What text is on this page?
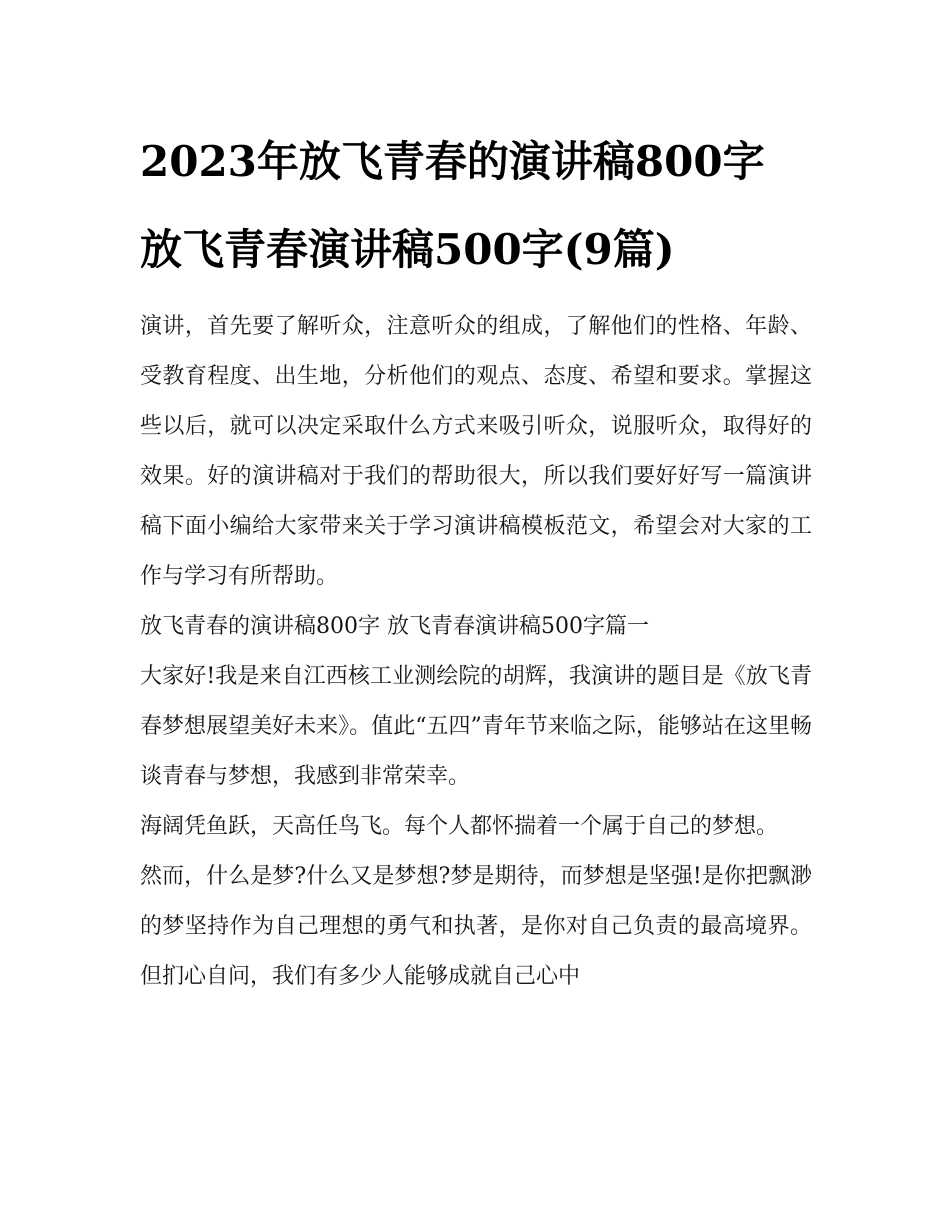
2023年放飞青春的演讲稿800字 放飞青春演讲稿500字(9篇)

演讲，首先要了解听众，注意听众的组成，了解他们的性格、年龄、受教育程度、出生地，分析他们的观点、态度、希望和要求。掌握这些以后，就可以决定采取什么方式来吸引听众，说服听众，取得好的效果。好的演讲稿对于我们的帮助很大，所以我们要好好写一篇演讲稿下面小编给大家带来关于学习演讲稿模板范文，希望会对大家的工作与学习有所帮助。

放飞青春的演讲稿800字 放飞青春演讲稿500字篇一

大家好!我是来自江西核工业测绘院的胡辉，我演讲的题目是《放飞青春梦想展望美好未来》。值此“五四”青年节来临之际，能够站在这里畅谈青春与梦想，我感到非常荣幸。

海阔凭鱼跃，天高任鸟飞。每个人都怀揣着一个属于自己的梦想。

然而，什么是梦?什么又是梦想?梦是期待，而梦想是坚强!是你把飘渺的梦坚持作为自己理想的勇气和执著，是你对自己负责的最高境界。但扪心自问，我们有多少人能够成就自己心中
